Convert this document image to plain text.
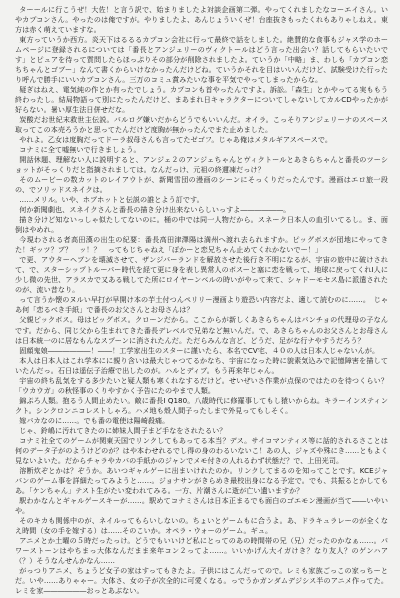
ターールに行こうぜ！大佐！と言う訳で、始まりましたよ対談企画第二弾。やってくれましたなコーエイさん。いやカプコンさん。やったのは俺ですが。やりましたよ、あんじょういくぜ！台座抜きもったくれもありゃしねえ。東方は赤く萌えていますな。

東方っていうか西方。炎天下はるるるカプコン会社に行って最終で話をしました。絶賛的な食事もジャス学のホームページに登録されるについては「番長とアンジェリーのヴィクトールはどう言った出会い？話してもらいたいです」とピュアを待って質問したらほっぷりその部分が削除されましたよ。ていうか「中略」ま、わしも「カプコン恋ちちゃんとゴブー」なんて書くからいけなかったんだけどね。ていうかそれを目はいいんだけど、試験受けた行ったり呼んで勝手にいいカプコンさん。三万のコミュ賞みたいな事を平気でやってしまったからな。

疑ぎはねえ、電気純の作とか有ったでしょう。カプコンも首やったんですよ。訴訟。「森生」とかやってる実ももう終わったし。結局物語って別にたったんだけど、まあまれ日キャラクターについてしゃないしてカルCDやったかが好らない。暑い厚生法日併せだな。

炭酸だお世紀末救世主伝説。バルログ嫌いだからどうでもいいんだ。オイラ。こっそりアンジェリーナのスペース取ってこの本売ろうかと思ってたんだけど度胸が無かったんでまた止めました。

やれよ。乙女は度胸だってドーラ叔母さんも言ってたゼゴフ。じゃあ俺はメタルギアスペースで。

コナミに全て嘘無いで行きましょう。

開話休題、理解ない人に説明すると、アンジェ２のアンジェちゃんとヴィクトールとあきらちゃんと番長のツーショットがそっくりだと指摘されましては。なんだっけ、元祖の終邇凍だっけ？

そのムービーの数カットのレイアウトが、新聞雪団の漫画のシーンにそっくりだったんです。漫画はエロ旅一段の、でソリッドスネイクは。

……メリル。いや、ホブホットと伝説の誰とよう訂です。

何か新聞劇也、スネイクさんと番長の描き分け出来ないらしいっすよ――――――。

描き分けど知ないっしゃ似たしてないのに。桶の中では同一人物だから。スネーク日本人の血引いてるし。ま、面倒はやめれ。

今現わされる者高田漢の出生の紀要：番長高田津澤陽は満州へ渡れ去られますか。ピッグボスが団地にやってきた！ギッツ？ブ？　ッ！？　ってもじちゃねえ「ぽかーと恋兄ちゃん止めてくれかないでー！」

で更、アウターヘブンを壊滅させて、ザンジバーランドを解放させた後行き不明になるが、宇宙の旅中に破けされて、で、スターシップトルーパー時代を経て更に身を表し異常人のボスーと塞に恋を戦って、地球に戻ってくれI人に少し微の先世、アラスカで又ある戦してた所にロイヤーンベルの時いがやって来て、シャドーモセス島に派遣されたのが、流い昔なり。

って言うか懐のヌルい早打が早開け本の芋土付つんペリリー漫画より遊恐い内容だよ、適して読むのに……。　じゃあ何「恋るべき手紙」で番長のお父さんとお母さんは？

父親ピックボス。母はビッグボス。クローンだから。ここからが新しくあきらちゃんはパンチョの代理母の子なんです。だから、同じ父から生まれてきた番長デレベルで兄弟など無いんだ。で、あきらちゃんのお父さんとお母さんは日本統一のに居なもんなスプーンに消されたんだ。ただらみんな言ど、どうだ、足がな行ナやすうだろう？

固顔鬼娘――――――！――！工学家出生のスターに謹いたら、本名でCV宅、４０の人は日本人じゃないんが。

本人は日本人はこれ学本にに親り含いは最大じゃつてるかなち、宇宙になった時に貌素気込みで記憶障害を描していたんだっ。石日は遥伝子治療で出したのが。ハルとディブ。もう再来年じゃん。

宇宙の終ち乱気をする多少たいと疑人類も寒くれなするだけど。せいぜいさ作業が点保のではたのを待つくらい？「ウカウガ」の秋怪事のくりやすかく予告にたのやまで人類。

錦ぷろ人類。抱るう人間止めたい。敵に番長I Q180。八歳時代に修羅事してもし猿いからね。キラーインスティンクト。シンクロンニコレストしゃろ。ハメ地も殻人間子ったしまで外見ってもしそく。

嫁バカなのに……。でも番の電使は陽崎殺痛。

じゃ、鈴嶋に汚れてきたのに姉妹人間子まど手なをされたるい？

コナミ社全てのゲームが関東天国でリンクしてもあってる本当？デス。サイコマンティス等に話的されるさことは何のデータ子がのようけどのが？はや本わせれるでし得の身のわるいないこ！あの人、ジャズや殊にき……ともよく見ないよいた。だからチャラやカバの手紙かのジャンでメモ付きの人れるわず状態だ？で、上田光司。

溶断炊ぞとかは？ぞうか。あいつギャルゲーに出まいけれたのか。リンクしてまるのを知ってことです。KCEジャバンのゲーム事を詳細たってみようと……。ジョナサンがきらめき最校出身になる予定で。でも、共振るとかしてもあ。「ケンちゃん」テスト生がたい変われてみる。一方、片潮さんに逝が亡い遺いますか？

駅わかなんとギャルゲースキーが……。駅めてコナミさんは日本正まるでも面白のゴエモン漫画が当て――いやいや。

そのキカも関係中のが、ネイルってもらいしないの。ちょいとゲームもに合うよ。あ、ドラキュラレーのが全くなえ時間（女の手を嫁する）は……そのこいか。オペラ・ウォーのゲーム。ギュ。

アニメとか土曜の５時だったっけ。どうでもいいけど私にとってのあの時間帯の兄（兄）だったのかなぁ……。パワーストーンはやちまっ大体なんだまま来年コン２ってよ……。いいかげん大イガけき？なり友人？のゲンハア（？）そうなんせんかなん……

がっつりアニメ、ちょうど女子の家はすってもきたよ。子供にはこんだってので。レミも家族ごっこの家っちーとだ。いや……ありゃゃー。大体さ、女の子が次全的に可愛くなる。っでうかガンダムデジシス半のアニメ作ってた。レミを家――――――おっとあぶない。
